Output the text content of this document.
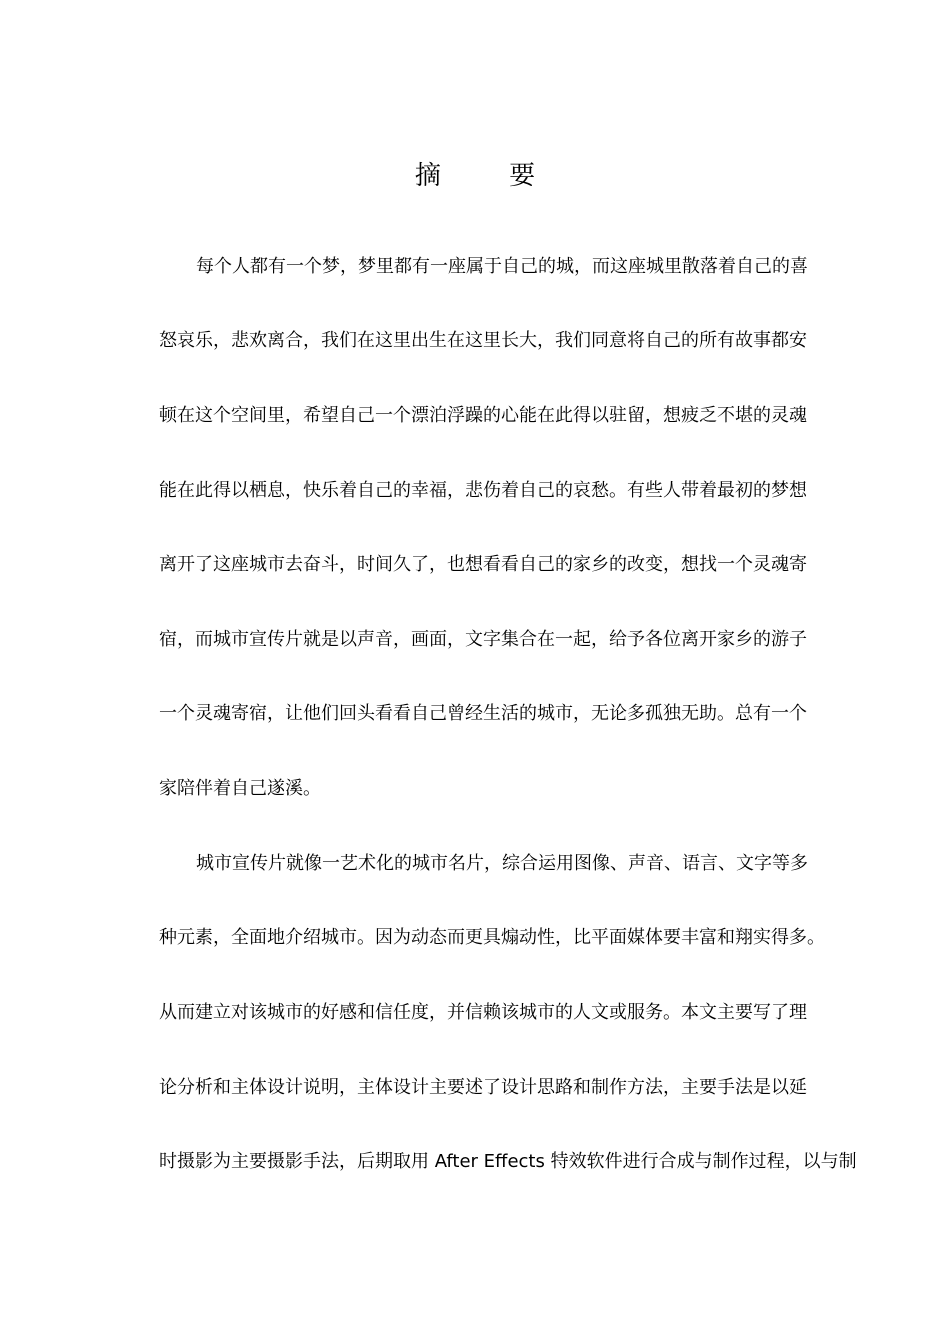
摘 要
每个人都有一个梦，梦里都有一座属于自己的城，而这座城里散落着自己的喜
怒哀乐，悲欢离合，我们在这里出生在这里长大，我们同意将自己的所有故事都安
顿在这个空间里，希望自己一个漂泊浮躁的心能在此得以驻留，想疲乏不堪的灵魂
能在此得以栖息，快乐着自己的幸福，悲伤着自己的哀愁。有些人带着最初的梦想
离开了这座城市去奋斗，时间久了，也想看看自己的家乡的改变，想找一个灵魂寄
宿，而城市宣传片就是以声音，画面，文字集合在一起，给予各位离开家乡的游子
一个灵魂寄宿，让他们回头看看自己曾经生活的城市，无论多孤独无助。总有一个
家陪伴着自己遂溪。
城市宣传片就像一艺术化的城市名片，综合运用图像、声音、语言、文字等多
种元素，全面地介绍城市。因为动态而更具煽动性，比平面媒体要丰富和翔实得多。
从而建立对该城市的好感和信任度，并信赖该城市的人文或服务。本文主要写了理
论分析和主体设计说明，主体设计主要述了设计思路和制作方法，主要手法是以延
时摄影为主要摄影手法，后期取用 After Effects 特效软件进行合成与制作过程，以与制
